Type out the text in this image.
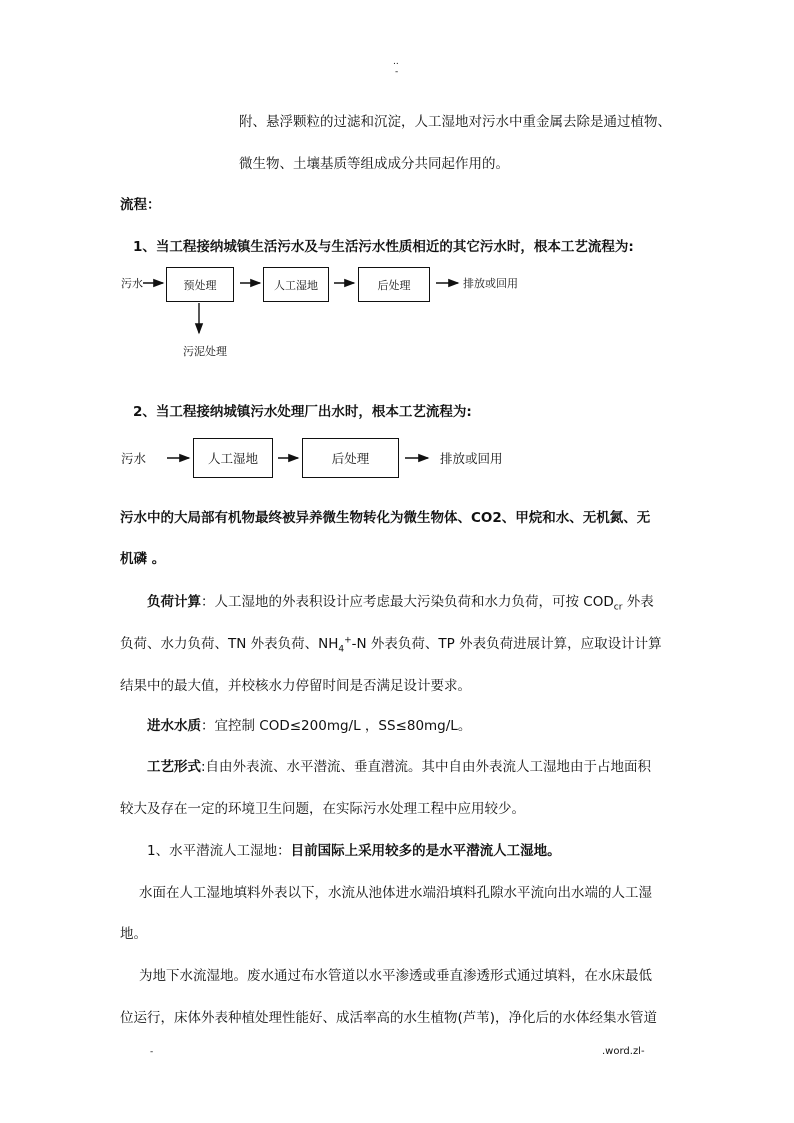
..
-
附、悬浮颗粒的过滤和沉淀，人工湿地对污水中重金属去除是通过植物、
微生物、土壤基质等组成成分共同起作用的。
流程：
1、当工程接纳城镇生活污水及与生活污水性质相近的其它污水时，根本工艺流程为:
污水	预处理	人工湿地	后处理	排放或回用
污泥处理
2、当工程接纳城镇污水处理厂出水时，根本工艺流程为:
污水	人工湿地	后处理	排放或回用
污水中的大局部有机物最终被异养微生物转化为微生物体、CO2、甲烷和水、无机氮、无
机磷 。
负荷计算：人工湿地的外表积设计应考虑最大污染负荷和水力负荷，可按 $COD_{cr}$ 外表
负荷、水力负荷、TN 外表负荷、$NH_4^+-N$ 外表负荷、TP 外表负荷进展计算，应取设计计算
结果中的最大值，并校核水力停留时间是否满足设计要求。
进水水质：宜控制 COD≤200mg/L ，SS≤80mg/L。
工艺形式:自由外表流、水平潜流、垂直潜流。其中自由外表流人工湿地由于占地面积
较大及存在一定的环境卫生问题，在实际污水处理工程中应用较少。
1、水平潜流人工湿地：目前国际上采用较多的是水平潜流人工湿地。
水面在人工湿地填料外表以下，水流从池体进水端沿填料孔隙水平流向出水端的人工湿
地。
为地下水流湿地。废水通过布水管道以水平渗透或垂直渗透形式通过填料，在水床最低
位运行，床体外表种植处理性能好、成活率高的水生植物(芦苇)，净化后的水体经集水管道
-	.word.zl-
